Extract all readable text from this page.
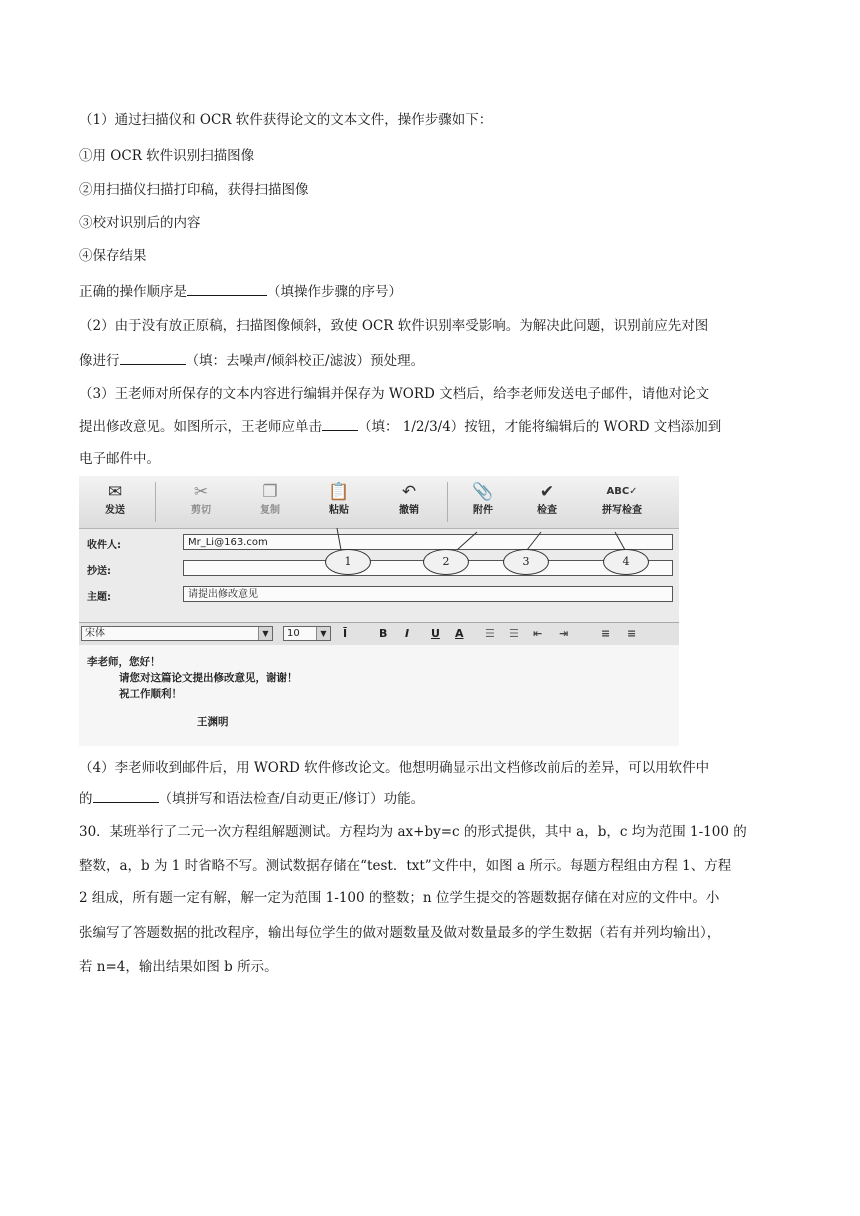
（1）通过扫描仪和 OCR 软件获得论文的文本文件，操作步骤如下：
①用 OCR 软件识别扫描图像
②用扫描仪扫描打印稿，获得扫描图像
③校对识别后的内容
④保存结果
正确的操作顺序是	（填操作步骤的序号）
（2）由于没有放正原稿，扫描图像倾斜，致使 OCR 软件识别率受影响。为解决此问题，识别前应先对图
像进行	（填：去噪声/倾斜校正/滤波）预处理。
（3）王老师对所保存的文本内容进行编辑并保存为 WORD 文档后，给李老师发送电子邮件，请他对论文
提出修改意见。如图所示，王老师应单击	（填： 1/2/3/4）按钮，才能将编辑后的 WORD 文档添加到
电子邮件中。
✉
发送
✂
剪切
❐
复制
📋
粘贴
↶
撤销
📎
附件
✔
检查
ABC✓
拼写检查
收件人:	Mr_Li@163.com
抄送:
主题:	请提出修改意见
宋体	▼	10	▼	Ī	B I U A ☰ ☰ ⇤ ⇥	≡ ≡
李老师，您好！
请您对这篇论文提出修改意见，谢谢！
祝工作顺利！
王渊明
1	2	3	4
（4）李老师收到邮件后，用 WORD 软件修改论文。他想明确显示出文档修改前后的差异，可以用软件中
的	（填拼写和语法检查/自动更正/修订）功能。
30．某班举行了二元一次方程组解题测试。方程均为 ax+by=c 的形式提供，其中 a，b，c 均为范围 1-100 的
整数，a，b 为 1 时省略不写。测试数据存储在“test．txt”文件中，如图 a 所示。每题方程组由方程 1、方程
2 组成，所有题一定有解，解一定为范围 1-100 的整数；n 位学生提交的答题数据存储在对应的文件中。小
张编写了答题数据的批改程序，输出每位学生的做对题数量及做对数量最多的学生数据（若有并列均输出），
若 n=4，输出结果如图 b 所示。
